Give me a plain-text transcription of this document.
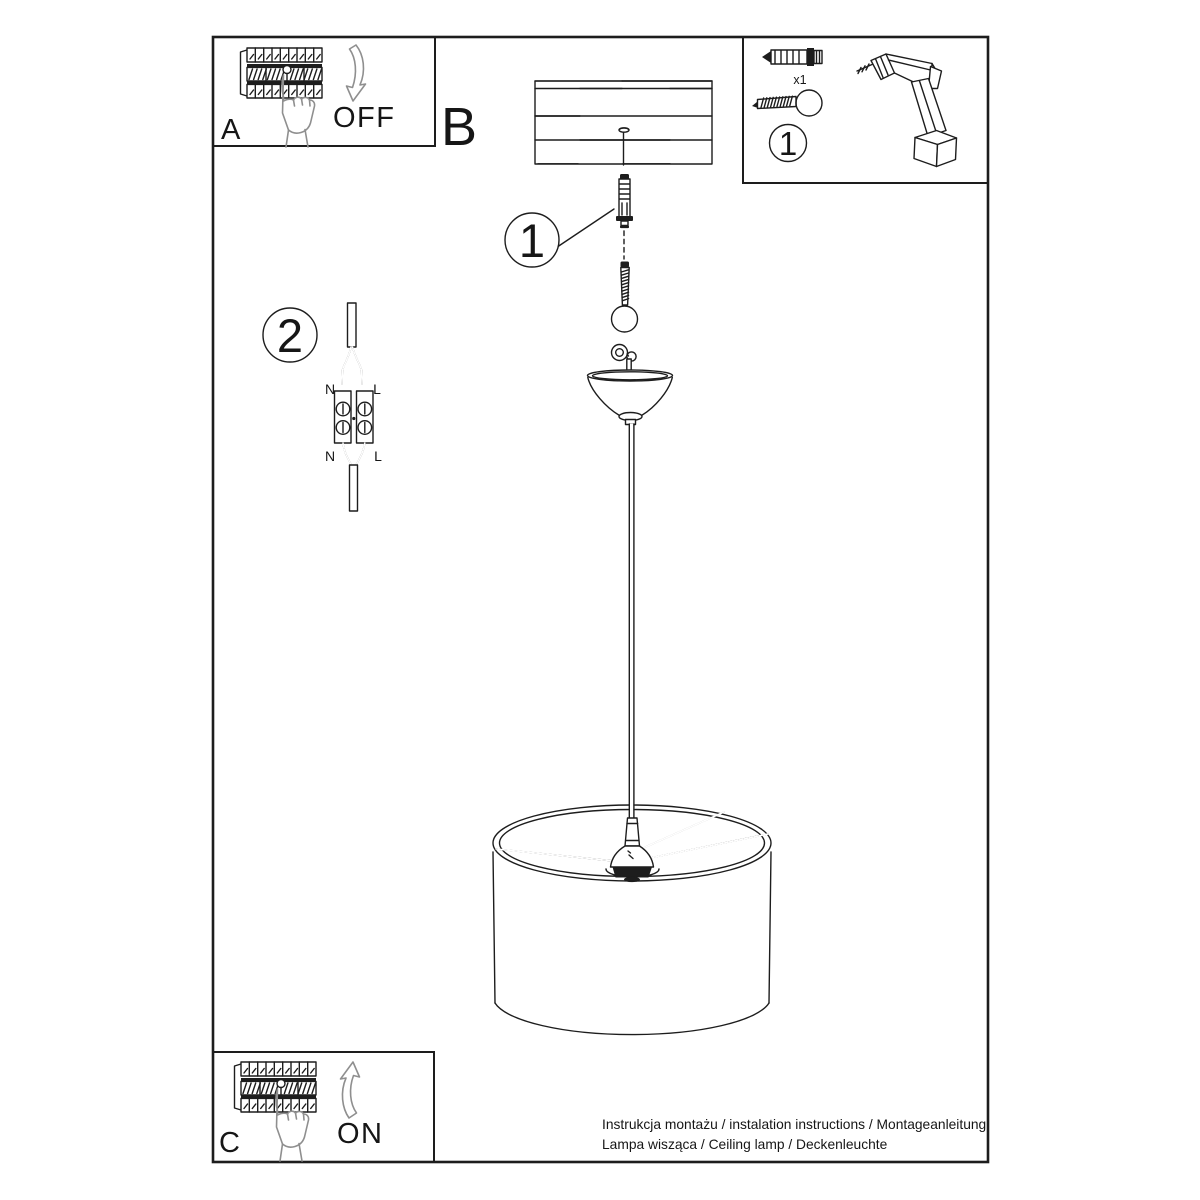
A	OFF
x1
1
B
1
2
N	L
N	L
C	ON	Instrukcja montażu / instalation instructions / Montageanleitung
Lampa wisząca / Ceiling lamp / Deckenleuchte
